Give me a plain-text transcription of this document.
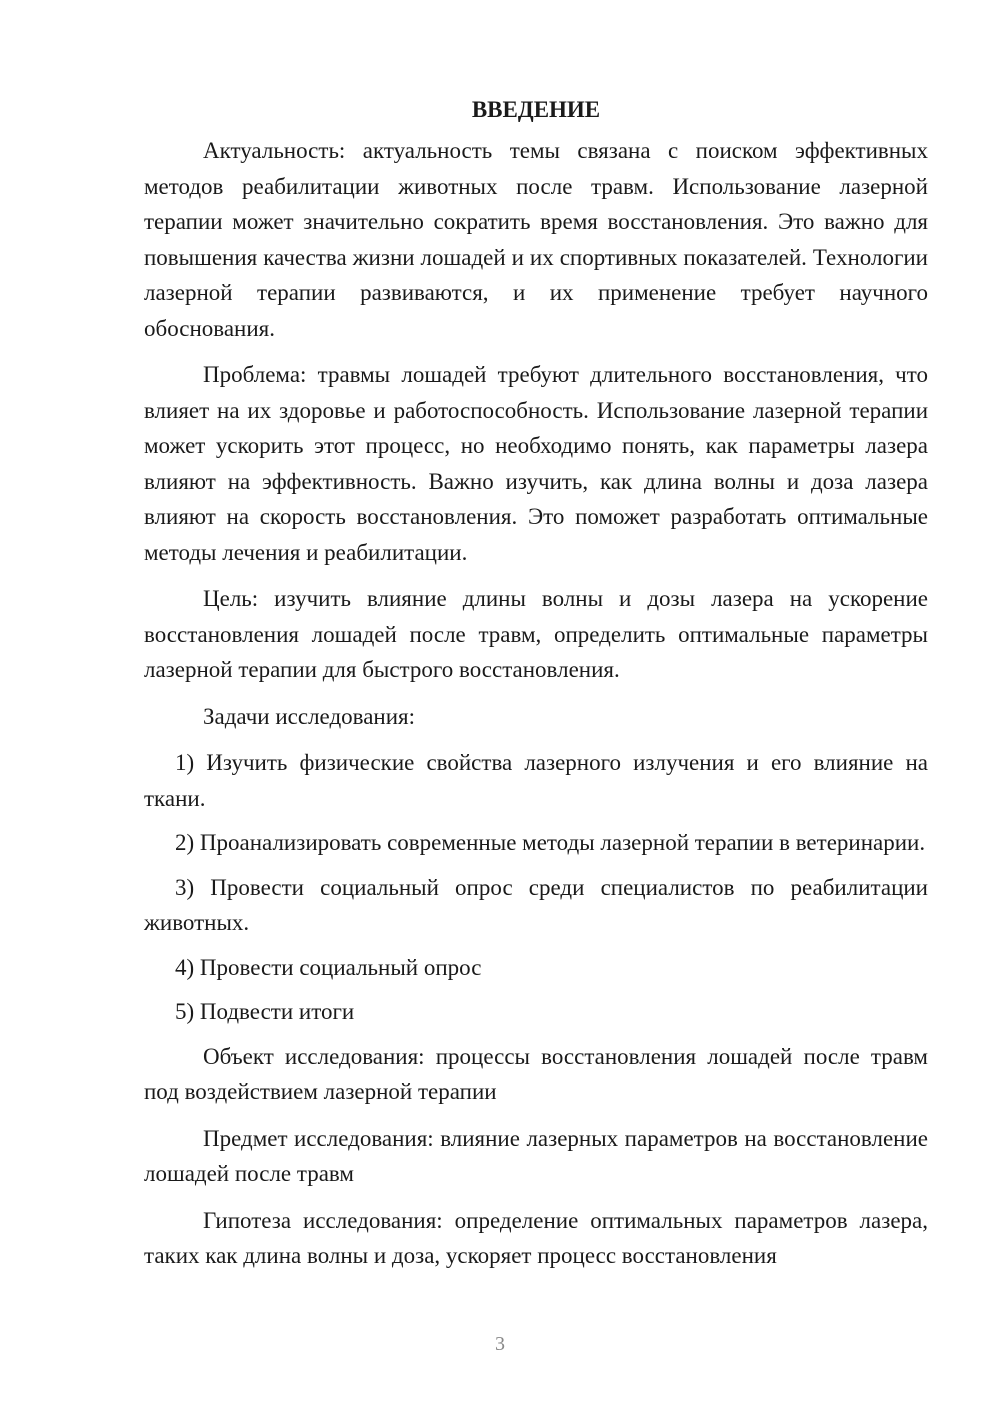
ВВЕДЕНИЕ

Актуальность: актуальность темы связана с поиском эффективных методов реабилитации животных после травм. Использование лазерной терапии может значительно сократить время восстановления. Это важно для повышения качества жизни лошадей и их спортивных показателей. Технологии лазерной терапии развиваются, и их применение требует научного обоснования.

Проблема: травмы лошадей требуют длительного восстановления, что влияет на их здоровье и работоспособность. Использование лазерной терапии может ускорить этот процесс, но необходимо понять, как параметры лазера влияют на эффективность. Важно изучить, как длина волны и доза лазера влияют на скорость восстановления. Это поможет разработать оптимальные методы лечения и реабилитации.

Цель: изучить влияние длины волны и дозы лазера на ускорение восстановления лошадей после травм, определить оптимальные параметры лазерной терапии для быстрого восстановления.

Задачи исследования:

1) Изучить физические свойства лазерного излучения и его влияние на ткани.

2) Проанализировать современные методы лазерной терапии в ветеринарии.

3) Провести социальный опрос среди специалистов по реабилитации животных.

4) Провести социальный опрос

5) Подвести итоги

Объект исследования: процессы восстановления лошадей после травм под воздействием лазерной терапии

Предмет исследования: влияние лазерных параметров на восстановление лошадей после травм

Гипотеза исследования: определение оптимальных параметров лазера, таких как длина волны и доза, ускоряет процесс восстановления

3
